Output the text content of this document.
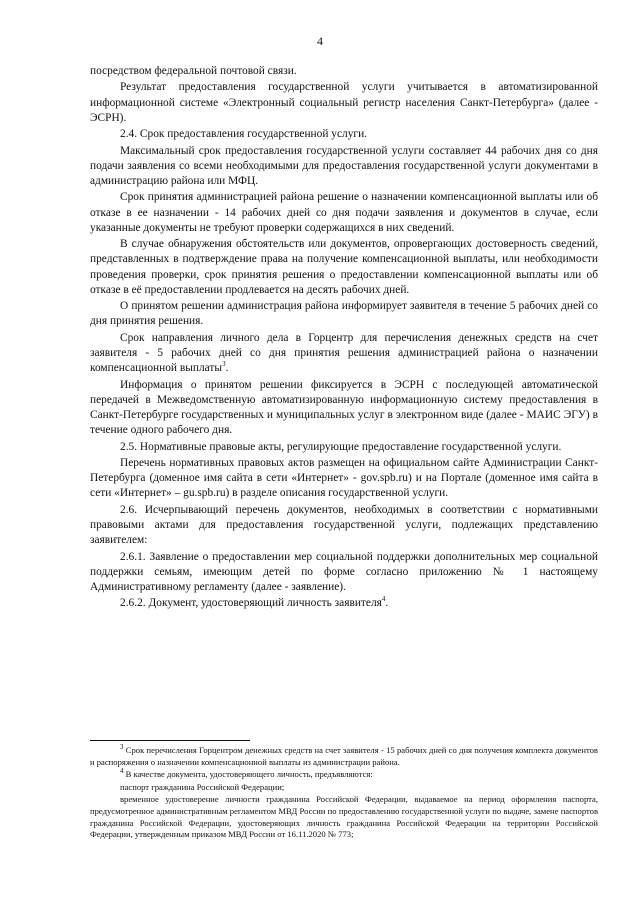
4

посредством федеральной почтовой связи.

Результат предоставления государственной услуги учитывается в автоматизированной информационной системе «Электронный социальный регистр населения Санкт-Петербурга» (далее - ЭСРН).

2.4. Срок предоставления государственной услуги.

Максимальный срок предоставления государственной услуги составляет 44 рабочих дня со дня подачи заявления со всеми необходимыми для предоставления государственной услуги документами в администрацию района или МФЦ.

Срок принятия администрацией района решение о назначении компенсационной выплаты или об отказе в ее назначении - 14 рабочих дней со дня подачи заявления и документов в случае, если указанные документы не требуют проверки содержащихся в них сведений.

В случае обнаружения обстоятельств или документов, опровергающих достоверность сведений, представленных в подтверждение права на получение компенсационной выплаты, или необходимости проведения проверки, срок принятия решения о предоставлении компенсационной выплаты или об отказе в её предоставлении продлевается на десять рабочих дней.

О принятом решении администрация района информирует заявителя в течение 5 рабочих дней со дня принятия решения.

Срок направления личного дела в Горцентр для перечисления денежных средств на счет заявителя - 5 рабочих дней со дня принятия решения администрацией района о назначении компенсационной выплаты$^3$.

Информация о принятом решении фиксируется в ЭСРН с последующей автоматической передачей в Межведомственную автоматизированную информационную систему предоставления в Санкт-Петербурге государственных и муниципальных услуг в электронном виде (далее - МАИС ЭГУ) в течение одного рабочего дня.

2.5. Нормативные правовые акты, регулирующие предоставление государственной услуги.

Перечень нормативных правовых актов размещен на официальном сайте Администрации Санкт-Петербурга (доменное имя сайта в сети «Интернет» - gov.spb.ru) и на Портале (доменное имя сайта в сети «Интернет» – gu.spb.ru) в разделе описания государственной услуги.

2.6. Исчерпывающий перечень документов, необходимых в соответствии с нормативными правовыми актами для предоставления государственной услуги, подлежащих представлению заявителем:

2.6.1. Заявление о предоставлении мер социальной поддержки дополнительных мер социальной поддержки семьям, имеющим детей по форме согласно приложению № 1 настоящему Административному регламенту (далее - заявление).

2.6.2. Документ, удостоверяющий личность заявителя$^4$.

$^3$ Срок перечисления Горцентром денежных средств на счет заявителя - 15 рабочих дней со дня получения комплекта документов и распоряжения о назначении компенсационной выплаты из администрации района.

$^4$ В качестве документа, удостоверяющего личность, предъявляются:

паспорт гражданина Российской Федерации;

временное удостоверение личности гражданина Российской Федерации, выдаваемое на период оформления паспорта, предусмотренное административным регламентом МВД России по предоставлению государственной услуги по выдаче, замене паспортов гражданина Российской Федерации, удостоверяющих личность гражданина Российской Федерации на территории Российской Федерации, утвержденным приказом МВД России от 16.11.2020 № 773;
